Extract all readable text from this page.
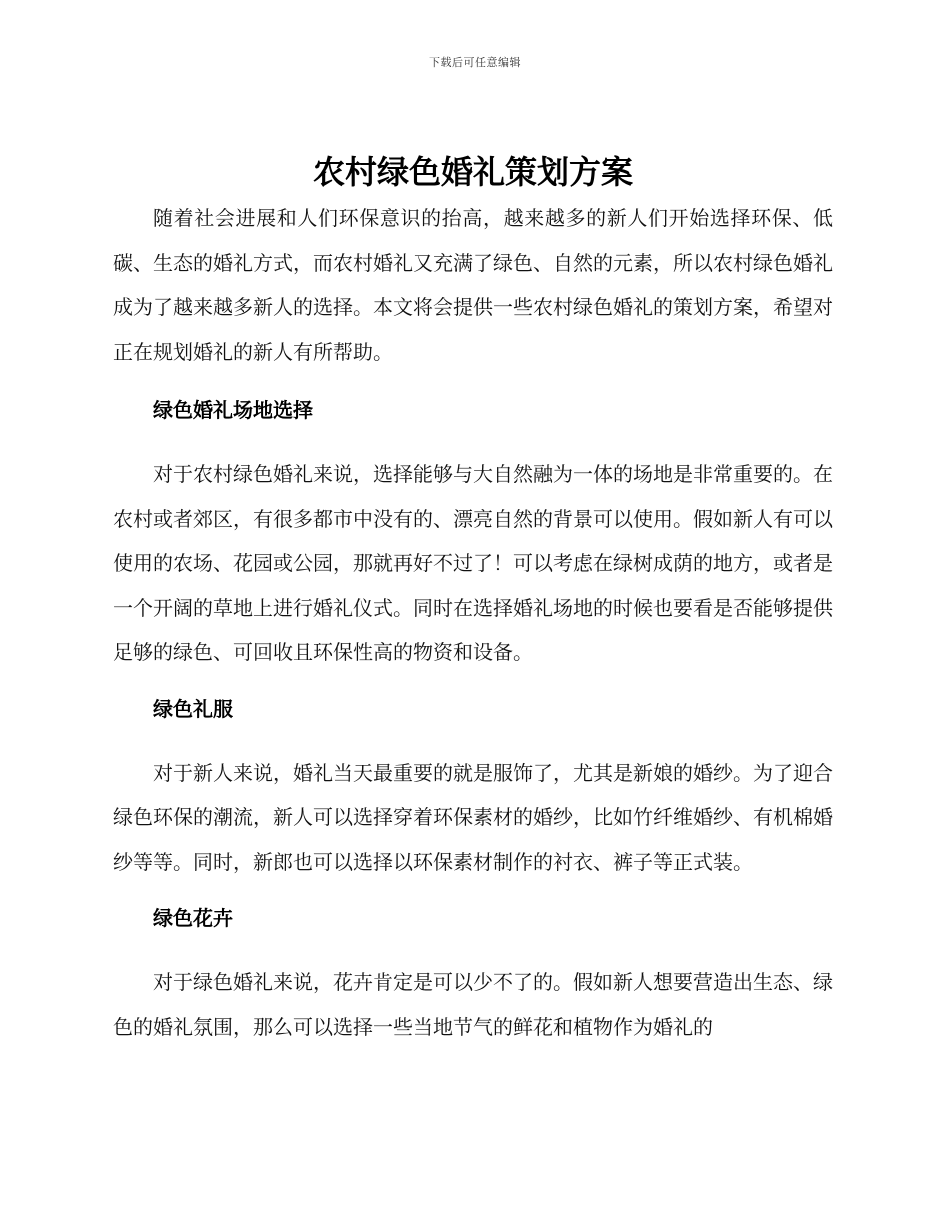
下载后可任意编辑
农村绿色婚礼策划方案

随着社会进展和人们环保意识的抬高，越来越多的新人们开始选择环保、低碳、生态的婚礼方式，而农村婚礼又充满了绿色、自然的元素，所以农村绿色婚礼成为了越来越多新人的选择。本文将会提供一些农村绿色婚礼的策划方案，希望对正在规划婚礼的新人有所帮助。

绿色婚礼场地选择

对于农村绿色婚礼来说，选择能够与大自然融为一体的场地是非常重要的。在农村或者郊区，有很多都市中没有的、漂亮自然的背景可以使用。假如新人有可以使用的农场、花园或公园，那就再好不过了！可以考虑在绿树成荫的地方，或者是一个开阔的草地上进行婚礼仪式。同时在选择婚礼场地的时候也要看是否能够提供足够的绿色、可回收且环保性高的物资和设备。

绿色礼服

对于新人来说，婚礼当天最重要的就是服饰了，尤其是新娘的婚纱。为了迎合绿色环保的潮流，新人可以选择穿着环保素材的婚纱，比如竹纤维婚纱、有机棉婚纱等等。同时，新郎也可以选择以环保素材制作的衬衣、裤子等正式装。

绿色花卉

对于绿色婚礼来说，花卉肯定是可以少不了的。假如新人想要营造出生态、绿色的婚礼氛围，那么可以选择一些当地节气的鲜花和植物作为婚礼的
